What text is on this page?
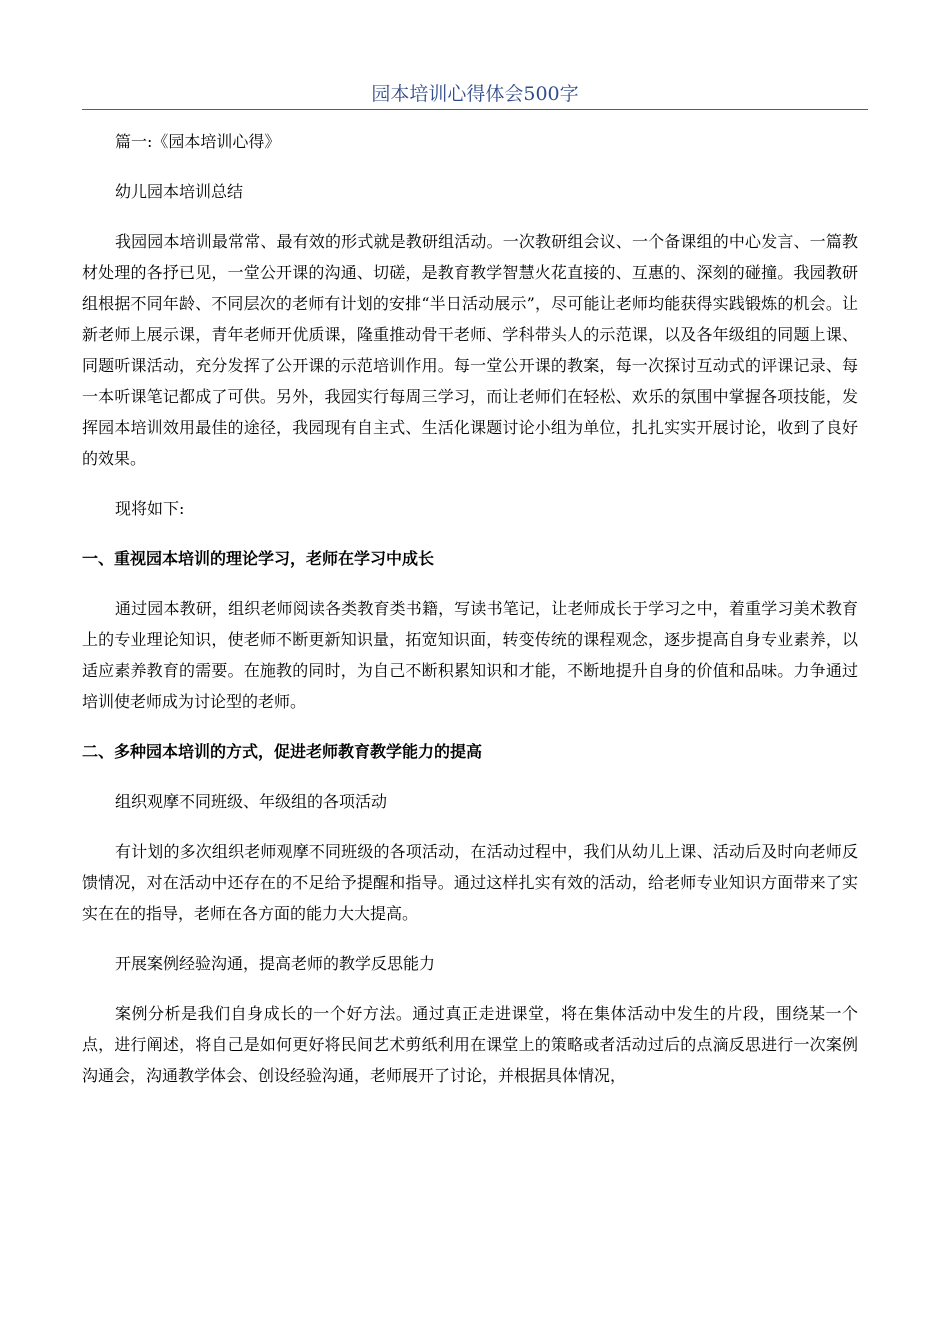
园本培训心得体会500字

篇一:《园本培训心得》

幼儿园本培训总结

我园园本培训最常常、最有效的形式就是教研组活动。一次教研组会议、一个备课组的中心发言、一篇教材处理的各抒已见，一堂公开课的沟通、切磋，是教育教学智慧火花直接的、互惠的、深刻的碰撞。我园教研组根据不同年龄、不同层次的老师有计划的安排“半日活动展示”，尽可能让老师均能获得实践锻炼的机会。让新老师上展示课，青年老师开优质课，隆重推动骨干老师、学科带头人的示范课，以及各年级组的同题上课、同题听课活动，充分发挥了公开课的示范培训作用。每一堂公开课的教案，每一次探讨互动式的评课记录、每一本听课笔记都成了可供。另外，我园实行每周三学习，而让老师们在轻松、欢乐的氛围中掌握各项技能，发挥园本培训效用最佳的途径，我园现有自主式、生活化课题讨论小组为单位，扎扎实实开展讨论，收到了良好的效果。

现将如下:

一、重视园本培训的理论学习，老师在学习中成长

通过园本教研，组织老师阅读各类教育类书籍，写读书笔记，让老师成长于学习之中，着重学习美术教育上的专业理论知识，使老师不断更新知识量，拓宽知识面，转变传统的课程观念，逐步提高自身专业素养，以适应素养教育的需要。在施教的同时，为自己不断积累知识和才能，不断地提升自身的价值和品味。力争通过培训使老师成为讨论型的老师。

二、多种园本培训的方式，促进老师教育教学能力的提高

组织观摩不同班级、年级组的各项活动

有计划的多次组织老师观摩不同班级的各项活动，在活动过程中，我们从幼儿上课、活动后及时向老师反馈情况，对在活动中还存在的不足给予提醒和指导。通过这样扎实有效的活动，给老师专业知识方面带来了实实在在的指导，老师在各方面的能力大大提高。

开展案例经验沟通，提高老师的教学反思能力

案例分析是我们自身成长的一个好方法。通过真正走进课堂，将在集体活动中发生的片段，围绕某一个点，进行阐述，将自己是如何更好将民间艺术剪纸利用在课堂上的策略或者活动过后的点滴反思进行一次案例沟通会，沟通教学体会、创设经验沟通，老师展开了讨论，并根据具体情况，
